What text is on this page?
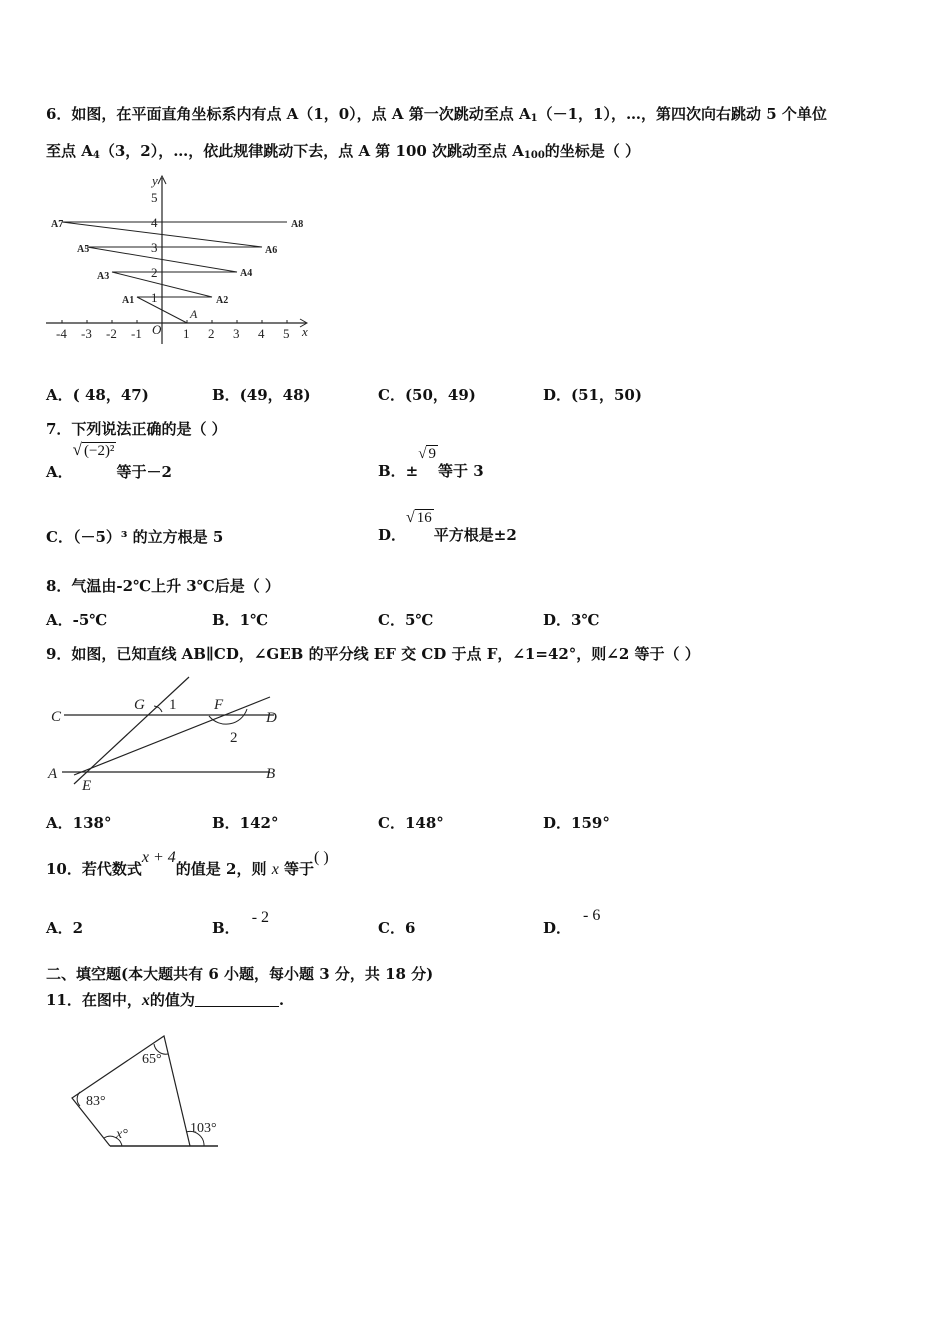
6．如图，在平面直角坐标系内有点 A（1，0），点 A 第一次跳动至点 $A_1(-1$，1），…，第四次向右跳动 5 个单位
至点 $A_4(3$，2），…，依此规律跳动下去，点 A 第 100 次跳动至点 $A_{100}$的坐标是（ ）
-4 -3 -2 -1 O 1 2 3 4 5 x
y
1
2
3
4
5
A
A1	A2
A3	A4
A5	A6
A7	A8
A．( 48，47)	B．(49，48)	C．(50，49)	D．(51，50)
7．下列说法正确的是（ ）
A．√ (−2)²等于－2	B．±√ 9等于 3
C．（－5）³ 的立方根是 5	D．√ 16平方根是±2
8．气温由-2℃上升 3℃后是（ ）
A．-5℃	B．1℃	C．5℃	D．3℃
9．如图，已知直线 AB∥CD，∠GEB 的平分线 EF 交 CD 于点 F，∠1=42°，则∠2 等于（ ）
C
G 1	F
D
2
A
E
B
A．138°	B．142°	C．148°	D．159°
10．若代数式x + 4的值是 2，则 x 等于( )
A．2	B．- 2
C．6	D．- 6
二、填空题(本大题共有 6 小题，每小题 3 分，共 18 分)
11．在图中，x的值为	.
65°
83°
x°	103°
